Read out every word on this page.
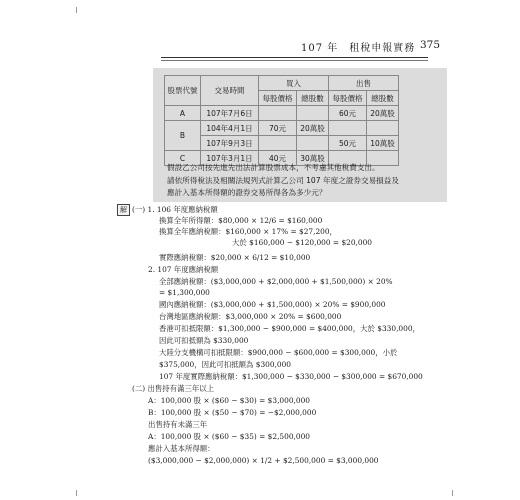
107 年　租稅申報實務 375
股票代號	交易時間	買入		出售	
		每股價格	總股數	每股價格	總股數
A	107年7月6日			60元	20萬股
B	104年4月1日	70元	20萬股		
	107年9月3日			50元	10萬股
C	107年3月1日	40元	30萬股		
假設乙公司按先進先出法計算股票成本，不考慮其他稅費支出。
請依所得稅法及相關法規列式計算乙公司 107 年度之證券交易損益及
應計入基本所得額的證券交易所得各為多少元？
解 (一) 1. 106 年度應納稅額
換算全年所得額：$80,000 × 12/6 = $160,000
換算全年應納稅額：$160,000 × 17% = $27,200，
大於 $160,000 − $120,000 = $20,000
實際應納稅額：$20,000 × 6/12 = $10,000
2. 107 年度應納稅額
全部應納稅額：($3,000,000 + $2,000,000 + $1,500,000) × 20%
= $1,300,000
國內應納稅額：($3,000,000 + $1,500,000) × 20% = $900,000
台灣地區應納稅額：$3,000,000 × 20% = $600,000
香港可扣抵限額：$1,300,000 − $900,000 = $400,000，大於 $330,000，
因此可扣抵額為 $330,000
大陸分支機構可扣抵限額：$900,000 − $600,000 = $300,000，小於
$375,000，因此可扣抵額為 $300,000
107 年度實際應納稅額：$1,300,000 − $330,000 − $300,000 = $670,000
(二) 出售持有滿三年以上
A：100,000 股 × ($60 − $30) = $3,000,000
B：100,000 股 × ($50 − $70) = −$2,000,000
出售持有未滿三年
A：100,000 股 × ($60 − $35) = $2,500,000
應計入基本所得額：
($3,000,000 − $2,000,000) × 1/2 + $2,500,000 = $3,000,000
